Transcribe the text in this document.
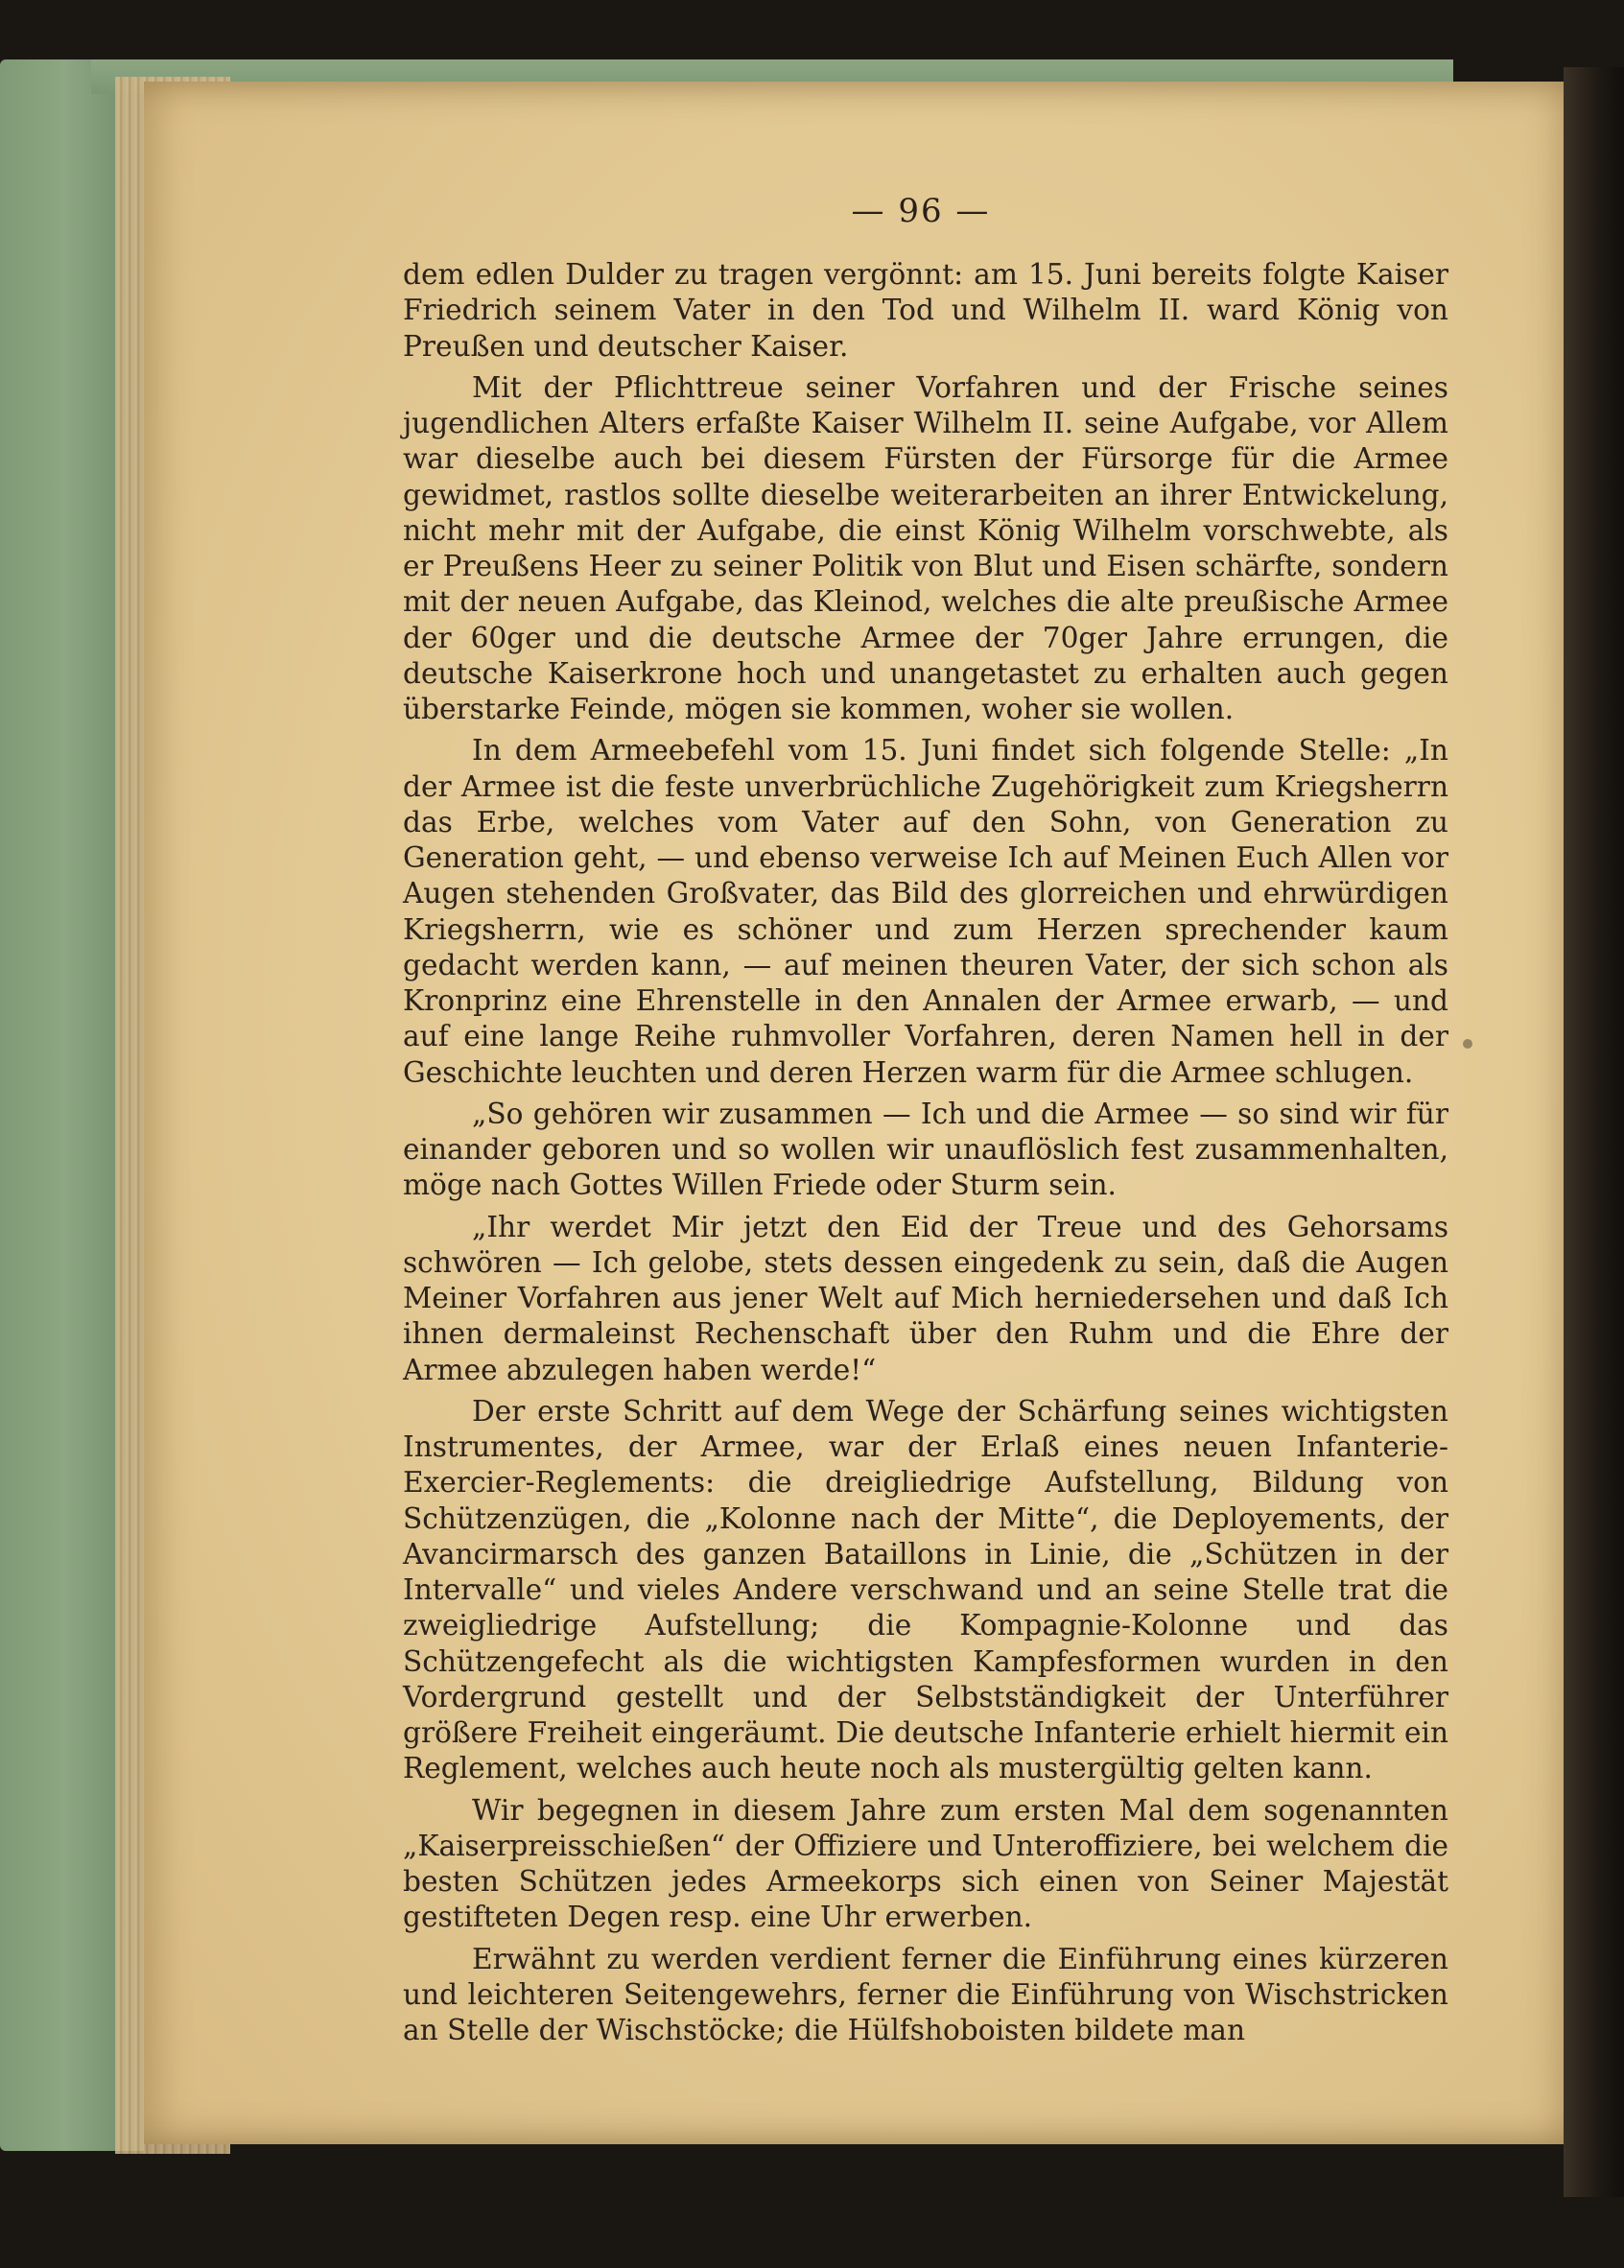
— 96 —

dem edlen Dulder zu tragen vergönnt: am 15. Juni bereits folgte Kaiser Friedrich seinem Vater in den Tod und Wilhelm II. ward König von Preußen und deutscher Kaiser.

Mit der Pflichttreue seiner Vorfahren und der Frische seines jugendlichen Alters erfaßte Kaiser Wilhelm II. seine Aufgabe, vor Allem war dieselbe auch bei diesem Fürsten der Fürsorge für die Armee gewidmet, rastlos sollte dieselbe weiterarbeiten an ihrer Entwickelung, nicht mehr mit der Aufgabe, die einst König Wilhelm vorschwebte, als er Preußens Heer zu seiner Politik von Blut und Eisen schärfte, sondern mit der neuen Aufgabe, das Kleinod, welches die alte preußische Armee der 60ger und die deutsche Armee der 70ger Jahre errungen, die deutsche Kaiserkrone hoch und unangetastet zu erhalten auch gegen überstarke Feinde, mögen sie kommen, woher sie wollen.

In dem Armeebefehl vom 15. Juni findet sich folgende Stelle: „In der Armee ist die feste unverbrüchliche Zugehörigkeit zum Kriegsherrn das Erbe, welches vom Vater auf den Sohn, von Generation zu Generation geht, — und ebenso verweise Ich auf Meinen Euch Allen vor Augen stehenden Großvater, das Bild des glorreichen und ehrwürdigen Kriegsherrn, wie es schöner und zum Herzen sprechender kaum gedacht werden kann, — auf meinen theuren Vater, der sich schon als Kronprinz eine Ehrenstelle in den Annalen der Armee erwarb, — und auf eine lange Reihe ruhmvoller Vorfahren, deren Namen hell in der Geschichte leuchten und deren Herzen warm für die Armee schlugen.

„So gehören wir zusammen — Ich und die Armee — so sind wir für einander geboren und so wollen wir unauflöslich fest zusammenhalten, möge nach Gottes Willen Friede oder Sturm sein.

„Ihr werdet Mir jetzt den Eid der Treue und des Gehorsams schwören — Ich gelobe, stets dessen eingedenk zu sein, daß die Augen Meiner Vorfahren aus jener Welt auf Mich herniedersehen und daß Ich ihnen dermaleinst Rechenschaft über den Ruhm und die Ehre der Armee abzulegen haben werde!“

Der erste Schritt auf dem Wege der Schärfung seines wichtigsten Instrumentes, der Armee, war der Erlaß eines neuen Infanterie-Exercier-Reglements: die dreigliedrige Aufstellung, Bildung von Schützenzügen, die „Kolonne nach der Mitte“, die Deployements, der Avancirmarsch des ganzen Bataillons in Linie, die „Schützen in der Intervalle“ und vieles Andere verschwand und an seine Stelle trat die zweigliedrige Aufstellung; die Kompagnie-Kolonne und das Schützengefecht als die wichtigsten Kampfesformen wurden in den Vordergrund gestellt und der Selbstständigkeit der Unterführer größere Freiheit eingeräumt. Die deutsche Infanterie erhielt hiermit ein Reglement, welches auch heute noch als mustergültig gelten kann.

Wir begegnen in diesem Jahre zum ersten Mal dem sogenannten „Kaiserpreisschießen“ der Offiziere und Unteroffiziere, bei welchem die besten Schützen jedes Armeekorps sich einen von Seiner Majestät gestifteten Degen resp. eine Uhr erwerben.

Erwähnt zu werden verdient ferner die Einführung eines kürzeren und leichteren Seitengewehrs, ferner die Einführung von Wischstricken an Stelle der Wischstöcke; die Hülfshoboisten bildete man
